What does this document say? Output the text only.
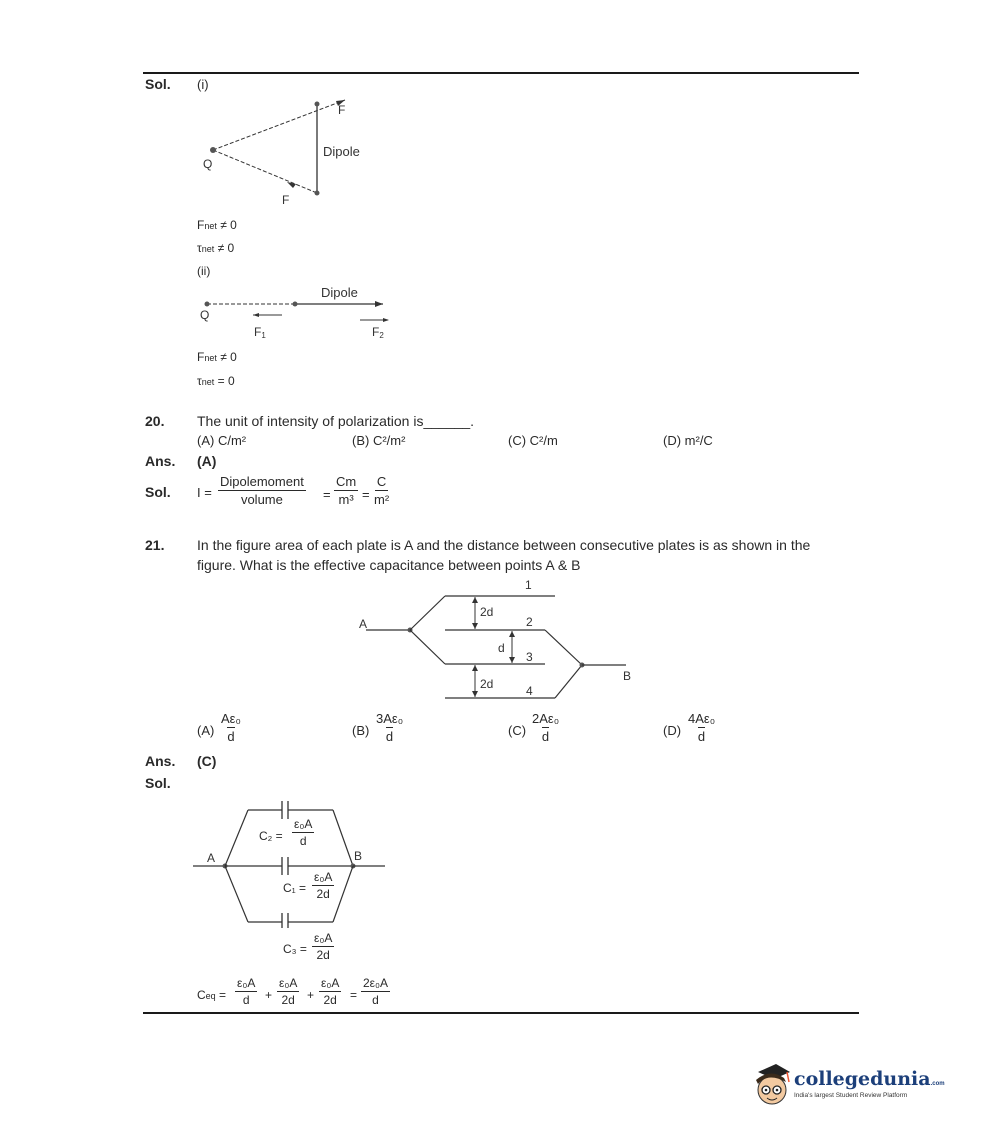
Sol. (i)
F
Q
Dipole
F
Fnet ≠ 0
τnet ≠ 0
(ii)
Dipole
Q
F1	F2
Fnet ≠ 0
τnet = 0
20. The unit of intensity of polarization is______.
(A) C/m²	(B) C²/m²	(C) C²/m	(D) m²/C
Ans. (A)
Sol. I =
Dipolemoment
volume	= $\frac{Cm}{\text{m³}} = \frac{C}{\text{m²}}$
21. In the figure area of each plate is A and the distance between consecutive plates is as shown in the
figure. What is the effective capacitance between points A & B
A
B
1
2
3
4
2d
d
2d
$(A) \frac{\text{Aε₀}}{d}$	$(B) \frac{\text{3Aε₀}}{d}$	$(C) \frac{\text{2Aε₀}}{d}$	$(D) \frac{\text{4Aε₀}}{d}$
Ans. (C)
Sol.
A	B
$C_2 = \frac{\text{ε₀A}}{d}$
$C_1 = \frac{\text{ε₀A}}{2d}$
$C_3 = \frac{\text{ε₀A}}{2d}$
Ceq = $\frac{\text{ε₀A}}{d} + \frac{\text{ε₀A}}{2d} + \frac{\text{ε₀A}}{2d} = \frac{\text{2ε₀A}}{d}$
collegedunia.com
India's largest Student Review Platform
